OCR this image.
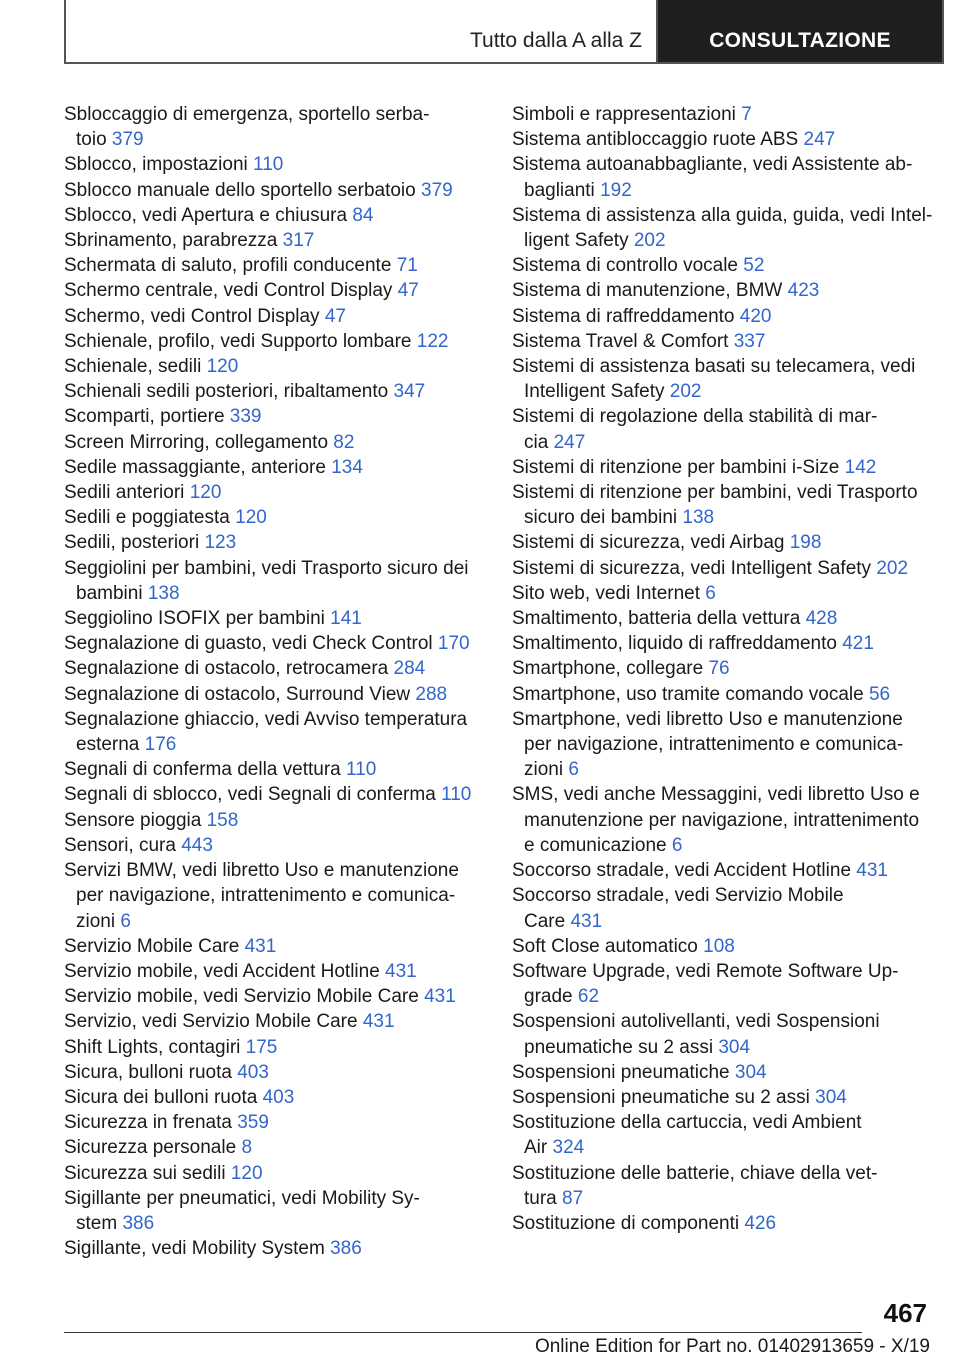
Tutto dalla A alla Z	CONSULTAZIONE
Sbloccaggio di emergenza, sportello serba-
toio 379
Sblocco, impostazioni 110
Sblocco manuale dello sportello serbatoio 379
Sblocco, vedi Apertura e chiusura 84
Sbrinamento, parabrezza 317
Schermata di saluto, profili conducente 71
Schermo centrale, vedi Control Display 47
Schermo, vedi Control Display 47
Schienale, profilo, vedi Supporto lombare 122
Schienale, sedili 120
Schienali sedili posteriori, ribaltamento 347
Scomparti, portiere 339
Screen Mirroring, collegamento 82
Sedile massaggiante, anteriore 134
Sedili anteriori 120
Sedili e poggiatesta 120
Sedili, posteriori 123
Seggiolini per bambini, vedi Trasporto sicuro dei
bambini 138
Seggiolino ISOFIX per bambini 141
Segnalazione di guasto, vedi Check Control 170
Segnalazione di ostacolo, retrocamera 284
Segnalazione di ostacolo, Surround View 288
Segnalazione ghiaccio, vedi Avviso temperatura
esterna 176
Segnali di conferma della vettura 110
Segnali di sblocco, vedi Segnali di conferma 110
Sensore pioggia 158
Sensori, cura 443
Servizi BMW, vedi libretto Uso e manutenzione
per navigazione, intrattenimento e comunica-
zioni 6
Servizio Mobile Care 431
Servizio mobile, vedi Accident Hotline 431
Servizio mobile, vedi Servizio Mobile Care 431
Servizio, vedi Servizio Mobile Care 431
Shift Lights, contagiri 175
Sicura, bulloni ruota 403
Sicura dei bulloni ruota 403
Sicurezza in frenata 359
Sicurezza personale 8
Sicurezza sui sedili 120
Sigillante per pneumatici, vedi Mobility Sy-
stem 386
Sigillante, vedi Mobility System 386
Simboli e rappresentazioni 7
Sistema antibloccaggio ruote ABS 247
Sistema autoanabbagliante, vedi Assistente ab-
baglianti 192
Sistema di assistenza alla guida, guida, vedi Intel-
ligent Safety 202
Sistema di controllo vocale 52
Sistema di manutenzione, BMW 423
Sistema di raffreddamento 420
Sistema Travel & Comfort 337
Sistemi di assistenza basati su telecamera, vedi
Intelligent Safety 202
Sistemi di regolazione della stabilità di mar-
cia 247
Sistemi di ritenzione per bambini i-Size 142
Sistemi di ritenzione per bambini, vedi Trasporto
sicuro dei bambini 138
Sistemi di sicurezza, vedi Airbag 198
Sistemi di sicurezza, vedi Intelligent Safety 202
Sito web, vedi Internet 6
Smaltimento, batteria della vettura 428
Smaltimento, liquido di raffreddamento 421
Smartphone, collegare 76
Smartphone, uso tramite comando vocale 56
Smartphone, vedi libretto Uso e manutenzione
per navigazione, intrattenimento e comunica-
zioni 6
SMS, vedi anche Messaggini, vedi libretto Uso e
manutenzione per navigazione, intrattenimento
e comunicazione 6
Soccorso stradale, vedi Accident Hotline 431
Soccorso stradale, vedi Servizio Mobile
Care 431
Soft Close automatico 108
Software Upgrade, vedi Remote Software Up-
grade 62
Sospensioni autolivellanti, vedi Sospensioni
pneumatiche su 2 assi 304
Sospensioni pneumatiche 304
Sospensioni pneumatiche su 2 assi 304
Sostituzione della cartuccia, vedi Ambient
Air 324
Sostituzione delle batterie, chiave della vet-
tura 87
Sostituzione di componenti 426
467
Online Edition for Part no. 01402913659 - X/19
